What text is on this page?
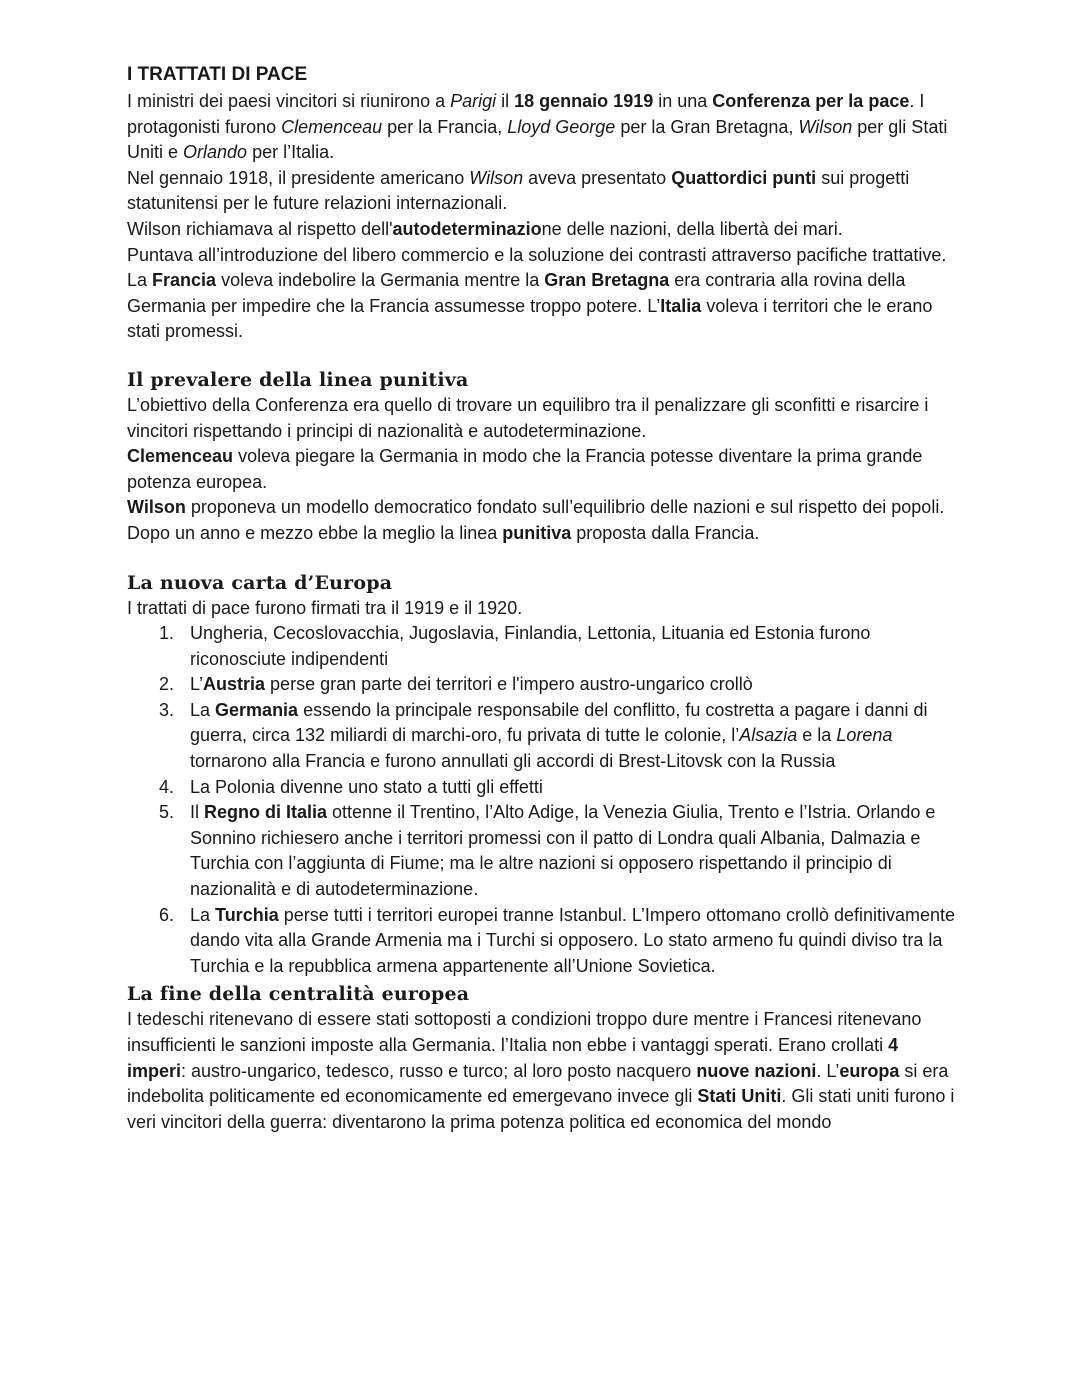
I TRATTATI DI PACE

I ministri dei paesi vincitori si riunirono a Parigi il 18 gennaio 1919 in una Conferenza per la pace. I protagonisti furono Clemenceau per la Francia, Lloyd George per la Gran Bretagna, Wilson per gli Stati Uniti e Orlando per l’Italia.

Nel gennaio 1918, il presidente americano Wilson aveva presentato Quattordici punti sui progetti statunitensi per le future relazioni internazionali.

Wilson richiamava al rispetto dell'autodeterminazione delle nazioni, della libertà dei mari.

Puntava all’introduzione del libero commercio e la soluzione dei contrasti attraverso pacifiche trattative.

La Francia voleva indebolire la Germania mentre la Gran Bretagna era contraria alla rovina della Germania per impedire che la Francia assumesse troppo potere. L’Italia voleva i territori che le erano stati promessi.

Il prevalere della linea punitiva

L’obiettivo della Conferenza era quello di trovare un equilibro tra il penalizzare gli sconfitti e risarcire i vincitori rispettando i principi di nazionalità e autodeterminazione.

Clemenceau voleva piegare la Germania in modo che la Francia potesse diventare la prima grande potenza europea.

Wilson proponeva un modello democratico fondato sull’equilibrio delle nazioni e sul rispetto dei popoli.

Dopo un anno e mezzo ebbe la meglio la linea punitiva proposta dalla Francia.

La nuova carta d’Europa

I trattati di pace furono firmati tra il 1919 e il 1920.

1. Ungheria, Cecoslovacchia, Jugoslavia, Finlandia, Lettonia, Lituania ed Estonia furono riconosciute indipendenti
2. L’Austria perse gran parte dei territori e l'impero austro-ungarico crollò
3. La Germania essendo la principale responsabile del conflitto, fu costretta a pagare i danni di guerra, circa 132 miliardi di marchi-oro, fu privata di tutte le colonie, l’Alsazia e la Lorena tornarono alla Francia e furono annullati gli accordi di Brest-Litovsk con la Russia
4. La Polonia divenne uno stato a tutti gli effetti
5. Il Regno di Italia ottenne il Trentino, l’Alto Adige, la Venezia Giulia, Trento e l’Istria. Orlando e Sonnino richiesero anche i territori promessi con il patto di Londra quali Albania, Dalmazia e Turchia con l’aggiunta di Fiume; ma le altre nazioni si opposero rispettando il principio di nazionalità e di autodeterminazione.
6. La Turchia perse tutti i territori europei tranne Istanbul. L’Impero ottomano crollò definitivamente dando vita alla Grande Armenia ma i Turchi si opposero. Lo stato armeno fu quindi diviso tra la Turchia e la repubblica armena appartenente all’Unione Sovietica.
La fine della centralità europea

I tedeschi ritenevano di essere stati sottoposti a condizioni troppo dure mentre i Francesi ritenevano insufficienti le sanzioni imposte alla Germania. l’Italia non ebbe i vantaggi sperati. Erano crollati 4 imperi: austro-ungarico, tedesco, russo e turco; al loro posto nacquero nuove nazioni. L’europa si era indebolita politicamente ed economicamente ed emergevano invece gli Stati Uniti. Gli stati uniti furono i veri vincitori della guerra: diventarono la prima potenza politica ed economica del mondo
